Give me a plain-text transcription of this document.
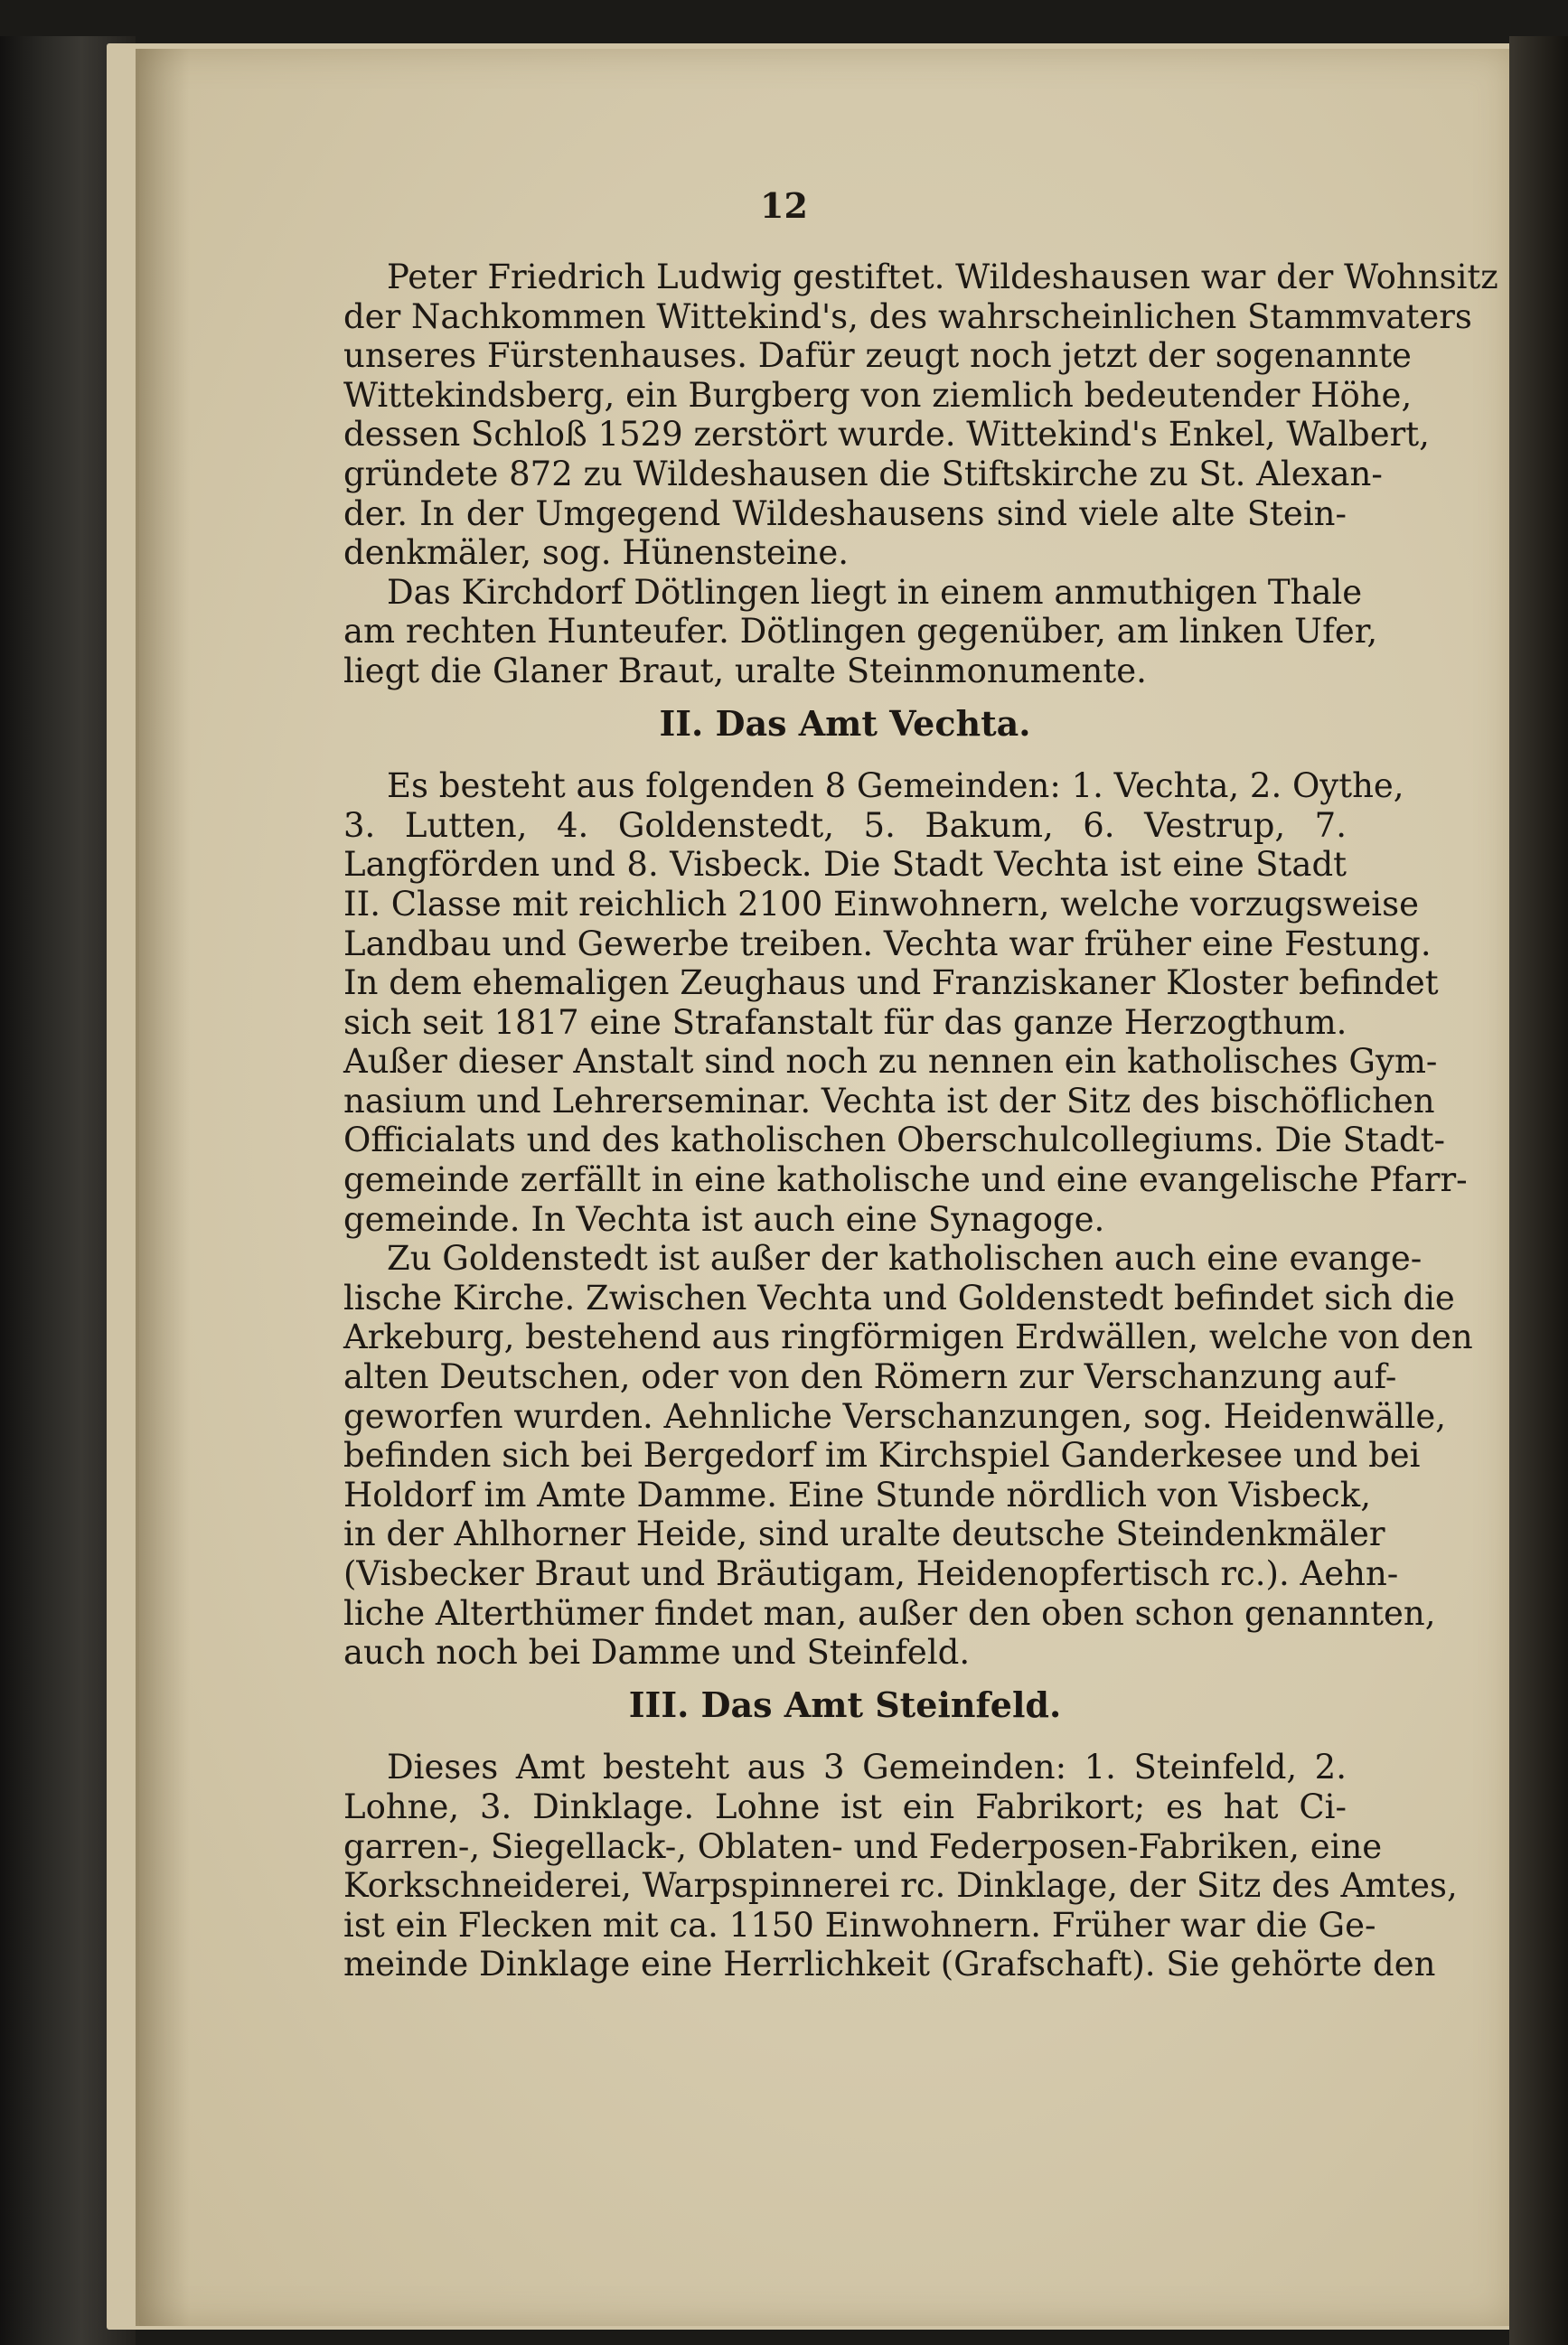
12
Peter Friedrich Ludwig gestiftet. Wildeshausen war der Wohnsitz
der Nachkommen Wittekind's, des wahrscheinlichen Stammvaters
unseres Fürstenhauses. Dafür zeugt noch jetzt der sogenannte
Wittekindsberg, ein Burgberg von ziemlich bedeutender Höhe,
dessen Schloß 1529 zerstört wurde. Wittekind's Enkel, Walbert,
gründete 872 zu Wildeshausen die Stiftskirche zu St. Alexan-
der. In der Umgegend Wildeshausens sind viele alte Stein-
denkmäler, sog. Hünensteine.
Das Kirchdorf Dötlingen liegt in einem anmuthigen Thale
am rechten Hunteufer. Dötlingen gegenüber, am linken Ufer,
liegt die Glaner Braut, uralte Steinmonumente.
II. Das Amt Vechta.
Es besteht aus folgenden 8 Gemeinden: 1. Vechta, 2. Oythe,
3. Lutten, 4. Goldenstedt, 5. Bakum, 6. Vestrup, 7.
Langförden und 8. Visbeck. Die Stadt Vechta ist eine Stadt
II. Classe mit reichlich 2100 Einwohnern, welche vorzugsweise
Landbau und Gewerbe treiben. Vechta war früher eine Festung.
In dem ehemaligen Zeughaus und Franziskaner Kloster befindet
sich seit 1817 eine Strafanstalt für das ganze Herzogthum.
Außer dieser Anstalt sind noch zu nennen ein katholisches Gym-
nasium und Lehrerseminar. Vechta ist der Sitz des bischöflichen
Officialats und des katholischen Oberschulcollegiums. Die Stadt-
gemeinde zerfällt in eine katholische und eine evangelische Pfarr-
gemeinde. In Vechta ist auch eine Synagoge.
Zu Goldenstedt ist außer der katholischen auch eine evange-
lische Kirche. Zwischen Vechta und Goldenstedt befindet sich die
Arkeburg, bestehend aus ringförmigen Erdwällen, welche von den
alten Deutschen, oder von den Römern zur Verschanzung auf-
geworfen wurden. Aehnliche Verschanzungen, sog. Heidenwälle,
befinden sich bei Bergedorf im Kirchspiel Ganderkesee und bei
Holdorf im Amte Damme. Eine Stunde nördlich von Visbeck,
in der Ahlhorner Heide, sind uralte deutsche Steindenkmäler
(Visbecker Braut und Bräutigam, Heidenopfertisch rc.). Aehn-
liche Alterthümer findet man, außer den oben schon genannten,
auch noch bei Damme und Steinfeld.
III. Das Amt Steinfeld.
Dieses Amt besteht aus 3 Gemeinden: 1. Steinfeld, 2.
Lohne, 3. Dinklage. Lohne ist ein Fabrikort; es hat Ci-
garren-, Siegellack-, Oblaten- und Federposen-Fabriken, eine
Korkschneiderei, Warpspinnerei rc. Dinklage, der Sitz des Amtes,
ist ein Flecken mit ca. 1150 Einwohnern. Früher war die Ge-
meinde Dinklage eine Herrlichkeit (Grafschaft). Sie gehörte den
